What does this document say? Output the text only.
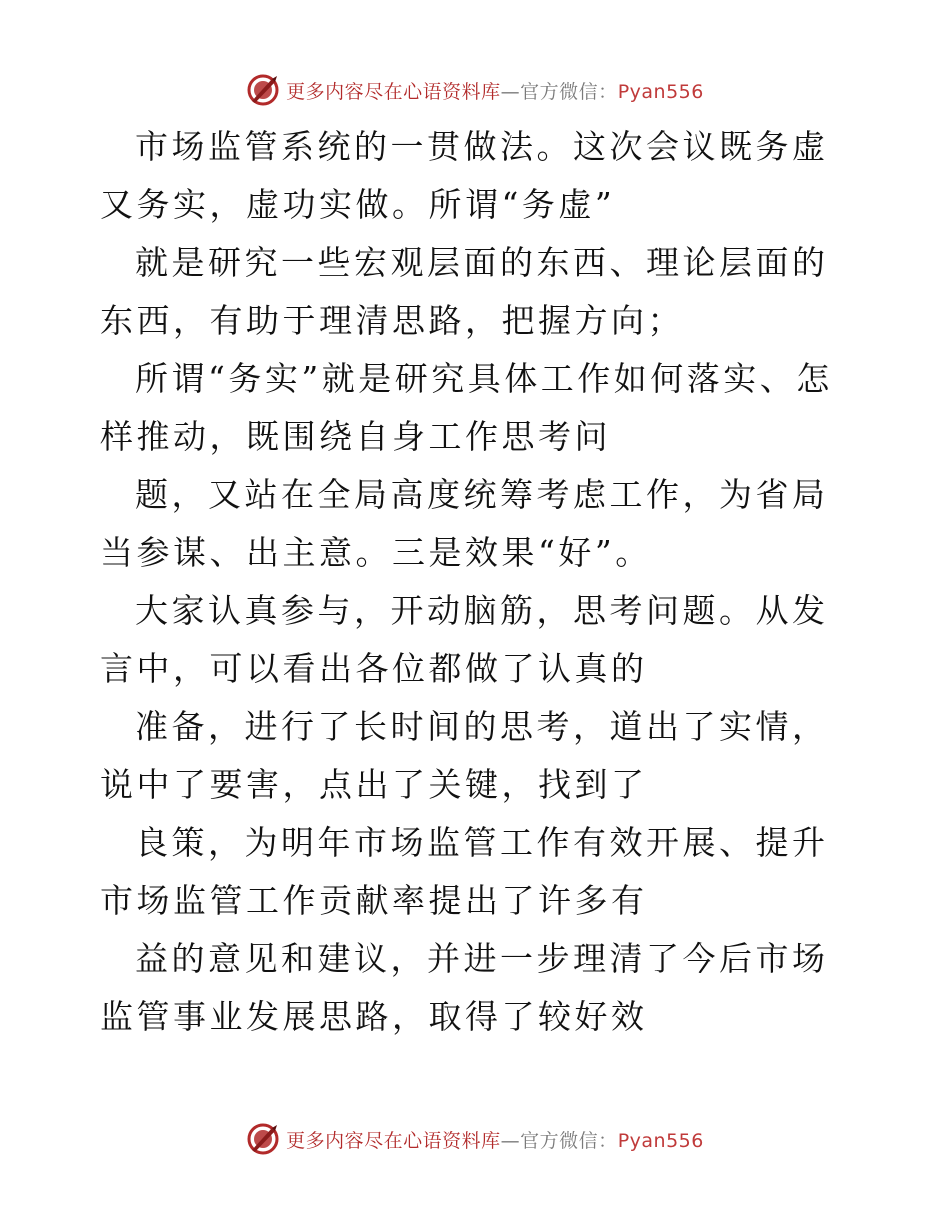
更多内容尽在心语资料库—官方微信：Pyan556

市场监管系统的一贯做法。这次会议既务虚又务实，虚功实做。所谓“务虚”

就是研究一些宏观层面的东西、理论层面的东西，有助于理清思路，把握方向；

所谓“务实”就是研究具体工作如何落实、怎样推动，既围绕自身工作思考问

题，又站在全局高度统筹考虑工作，为省局当参谋、出主意。三是效果“好”。

大家认真参与，开动脑筋，思考问题。从发言中，可以看出各位都做了认真的

准备，进行了长时间的思考，道出了实情，说中了要害，点出了关键，找到了

良策，为明年市场监管工作有效开展、提升市场监管工作贡献率提出了许多有

益的意见和建议，并进一步理清了今后市场监管事业发展思路，取得了较好效

更多内容尽在心语资料库—官方微信：Pyan556
